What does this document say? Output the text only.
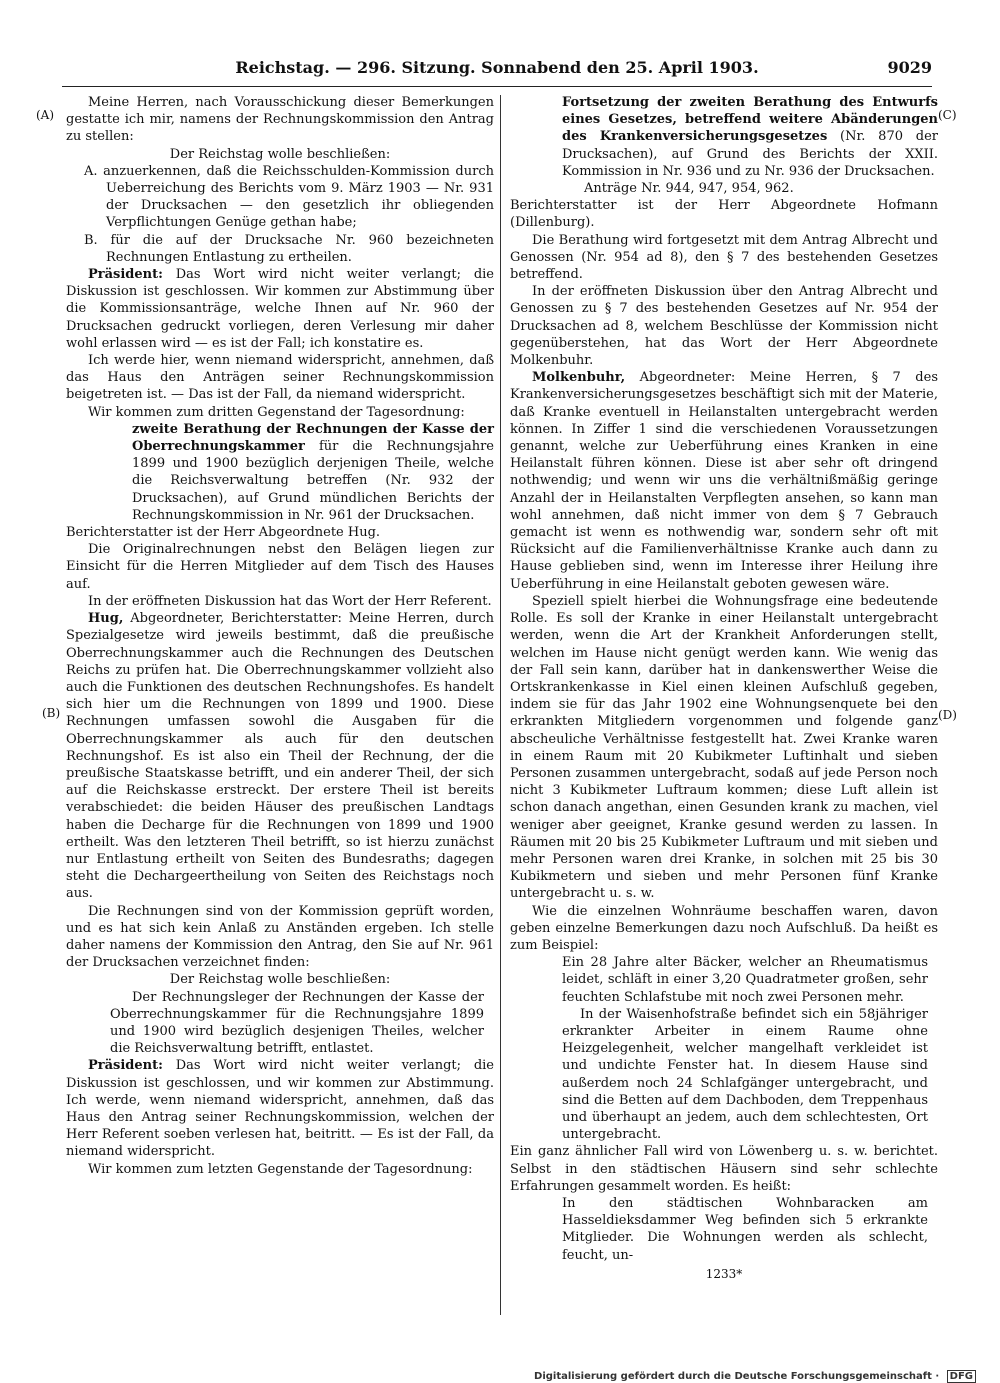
Reichstag. — 296. Sitzung. Sonnabend den 25. April 1903.	9029
(A)
(B)
(C)
(D)

Meine Herren, nach Vorausschickung dieser Bemerkungen gestatte ich mir, namens der Rechnungskommission den Antrag zu stellen:

Der Reichstag wolle beschließen:

A. anzuerkennen, daß die Reichsschulden-Kommission durch Ueberreichung des Berichts vom 9. März 1903 — Nr. 931 der Drucksachen — den gesetzlich ihr obliegenden Verpflichtungen Genüge gethan habe;

B. für die auf der Drucksache Nr. 960 bezeichneten Rechnungen Entlastung zu ertheilen.

Präsident: Das Wort wird nicht weiter verlangt; die Diskussion ist geschlossen. Wir kommen zur Abstimmung über die Kommissionsanträge, welche Ihnen auf Nr. 960 der Drucksachen gedruckt vorliegen, deren Verlesung mir daher wohl erlassen wird — es ist der Fall; ich konstatire es.

Ich werde hier, wenn niemand widerspricht, annehmen, daß das Haus den Anträgen seiner Rechnungskommission beigetreten ist. — Das ist der Fall, da niemand widerspricht.

Wir kommen zum dritten Gegenstand der Tagesordnung:

zweite Berathung der Rechnungen der Kasse der Oberrechnungskammer für die Rechnungsjahre 1899 und 1900 bezüglich derjenigen Theile, welche die Reichsverwaltung betreffen (Nr. 932 der Drucksachen), auf Grund mündlichen Berichts der Rechnungskommission in Nr. 961 der Drucksachen.

Berichterstatter ist der Herr Abgeordnete Hug.

Die Originalrechnungen nebst den Belägen liegen zur Einsicht für die Herren Mitglieder auf dem Tisch des Hauses auf.

In der eröffneten Diskussion hat das Wort der Herr Referent.

Hug, Abgeordneter, Berichterstatter: Meine Herren, durch Spezialgesetze wird jeweils bestimmt, daß die preußische Oberrechnungskammer auch die Rechnungen des Deutschen Reichs zu prüfen hat. Die Oberrechnungskammer vollzieht also auch die Funktionen des deutschen Rechnungshofes. Es handelt sich hier um die Rechnungen von 1899 und 1900. Diese Rechnungen umfassen sowohl die Ausgaben für die Oberrechnungskammer als auch für den deutschen Rechnungshof. Es ist also ein Theil der Rechnung, der die preußische Staatskasse betrifft, und ein anderer Theil, der sich auf die Reichskasse erstreckt. Der erstere Theil ist bereits verabschiedet: die beiden Häuser des preußischen Landtags haben die Decharge für die Rechnungen von 1899 und 1900 ertheilt. Was den letzteren Theil betrifft, so ist hierzu zunächst nur Entlastung ertheilt von Seiten des Bundesraths; dagegen steht die Dechargeertheilung von Seiten des Reichstags noch aus.

Die Rechnungen sind von der Kommission geprüft worden, und es hat sich kein Anlaß zu Anständen ergeben. Ich stelle daher namens der Kommission den Antrag, den Sie auf Nr. 961 der Drucksachen verzeichnet finden:

Der Reichstag wolle beschließen:

Der Rechnungsleger der Rechnungen der Kasse der Oberrechnungskammer für die Rechnungsjahre 1899 und 1900 wird bezüglich desjenigen Theiles, welcher die Reichsverwaltung betrifft, entlastet.

Präsident: Das Wort wird nicht weiter verlangt; die Diskussion ist geschlossen, und wir kommen zur Abstimmung. Ich werde, wenn niemand widerspricht, annehmen, daß das Haus den Antrag seiner Rechnungskommission, welchen der Herr Referent soeben verlesen hat, beitritt. — Es ist der Fall, da niemand widerspricht.

Wir kommen zum letzten Gegenstande der Tagesordnung:

Fortsetzung der zweiten Berathung des Entwurfs eines Gesetzes, betreffend weitere Abänderungen des Krankenversicherungsgesetzes (Nr. 870 der Drucksachen), auf Grund des Berichts der XXII. Kommission in Nr. 936 und zu Nr. 936 der Drucksachen.

Anträge Nr. 944, 947, 954, 962.

Berichterstatter ist der Herr Abgeordnete Hofmann (Dillenburg).

Die Berathung wird fortgesetzt mit dem Antrag Albrecht und Genossen (Nr. 954 ad 8), den § 7 des bestehenden Gesetzes betreffend.

In der eröffneten Diskussion über den Antrag Albrecht und Genossen zu § 7 des bestehenden Gesetzes auf Nr. 954 der Drucksachen ad 8, welchem Beschlüsse der Kommission nicht gegenüberstehen, hat das Wort der Herr Abgeordnete Molkenbuhr.

Molkenbuhr, Abgeordneter: Meine Herren, § 7 des Krankenversicherungsgesetzes beschäftigt sich mit der Materie, daß Kranke eventuell in Heilanstalten untergebracht werden können. In Ziffer 1 sind die verschiedenen Voraussetzungen genannt, welche zur Ueberführung eines Kranken in eine Heilanstalt führen können. Diese ist aber sehr oft dringend nothwendig; und wenn wir uns die verhältnißmäßig geringe Anzahl der in Heilanstalten Verpflegten ansehen, so kann man wohl annehmen, daß nicht immer von dem § 7 Gebrauch gemacht ist wenn es nothwendig war, sondern sehr oft mit Rücksicht auf die Familienverhältnisse Kranke auch dann zu Hause geblieben sind, wenn im Interesse ihrer Heilung ihre Ueberführung in eine Heilanstalt geboten gewesen wäre.

Speziell spielt hierbei die Wohnungsfrage eine bedeutende Rolle. Es soll der Kranke in einer Heilanstalt untergebracht werden, wenn die Art der Krankheit Anforderungen stellt, welchen im Hause nicht genügt werden kann. Wie wenig das der Fall sein kann, darüber hat in dankenswerther Weise die Ortskrankenkasse in Kiel einen kleinen Aufschluß gegeben, indem sie für das Jahr 1902 eine Wohnungsenquete bei den erkrankten Mitgliedern vorgenommen und folgende ganz abscheuliche Verhältnisse festgestellt hat. Zwei Kranke waren in einem Raum mit 20 Kubikmeter Luftinhalt und sieben Personen zusammen untergebracht, sodaß auf jede Person noch nicht 3 Kubikmeter Luftraum kommen; diese Luft allein ist schon danach angethan, einen Gesunden krank zu machen, viel weniger aber geeignet, Kranke gesund werden zu lassen. In Räumen mit 20 bis 25 Kubikmeter Luftraum und mit sieben und mehr Personen waren drei Kranke, in solchen mit 25 bis 30 Kubikmetern und sieben und mehr Personen fünf Kranke untergebracht u. s. w.

Wie die einzelnen Wohnräume beschaffen waren, davon geben einzelne Bemerkungen dazu noch Aufschluß. Da heißt es zum Beispiel:

Ein 28 Jahre alter Bäcker, welcher an Rheumatismus leidet, schläft in einer 3,20 Quadratmeter großen, sehr feuchten Schlafstube mit noch zwei Personen mehr.

In der Waisenhofstraße befindet sich ein 58jähriger erkrankter Arbeiter in einem Raume ohne Heizgelegenheit, welcher mangelhaft verkleidet ist und undichte Fenster hat. In diesem Hause sind außerdem noch 24 Schlafgänger untergebracht, und sind die Betten auf dem Dachboden, dem Treppenhaus und überhaupt an jedem, auch dem schlechtesten, Ort untergebracht.

Ein ganz ähnlicher Fall wird von Löwenberg u. s. w. berichtet. Selbst in den städtischen Häusern sind sehr schlechte Erfahrungen gesammelt worden. Es heißt:

In den städtischen Wohnbaracken am Hasseldieksdammer Weg befinden sich 5 erkrankte Mitglieder. Die Wohnungen werden als schlecht, feucht, un-

1233*

Digitalisierung gefördert durch die Deutsche Forschungsgemeinschaft · DFG
